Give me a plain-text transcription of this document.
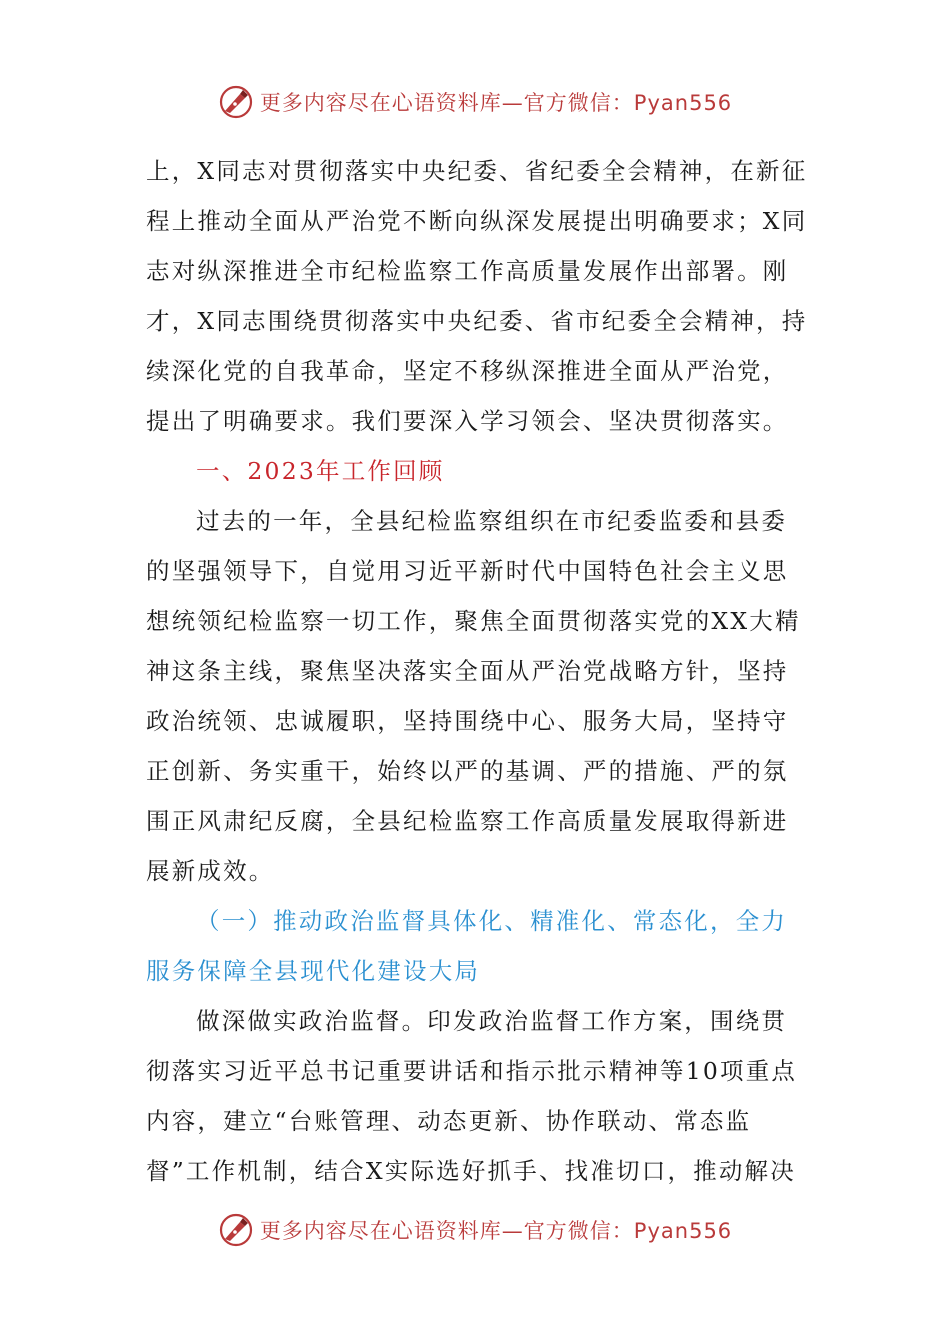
更多内容尽在心语资料库—官方微信：Pyan556
上，X同志对贯彻落实中央纪委、省纪委全会精神，在新征
程上推动全面从严治党不断向纵深发展提出明确要求；X同
志对纵深推进全市纪检监察工作高质量发展作出部署。刚
才，X同志围绕贯彻落实中央纪委、省市纪委全会精神，持
续深化党的自我革命，坚定不移纵深推进全面从严治党，
提出了明确要求。我们要深入学习领会、坚决贯彻落实。
一、2023年工作回顾
过去的一年，全县纪检监察组织在市纪委监委和县委
的坚强领导下，自觉用习近平新时代中国特色社会主义思
想统领纪检监察一切工作，聚焦全面贯彻落实党的XX大精
神这条主线，聚焦坚决落实全面从严治党战略方针，坚持
政治统领、忠诚履职，坚持围绕中心、服务大局，坚持守
正创新、务实重干，始终以严的基调、严的措施、严的氛
围正风肃纪反腐，全县纪检监察工作高质量发展取得新进
展新成效。
（一）推动政治监督具体化、精准化、常态化，全力
服务保障全县现代化建设大局
做深做实政治监督。印发政治监督工作方案，围绕贯
彻落实习近平总书记重要讲话和指示批示精神等10项重点
内容，建立“台账管理、动态更新、协作联动、常态监
督”工作机制，结合X实际选好抓手、找准切口，推动解决
更多内容尽在心语资料库—官方微信：Pyan556
